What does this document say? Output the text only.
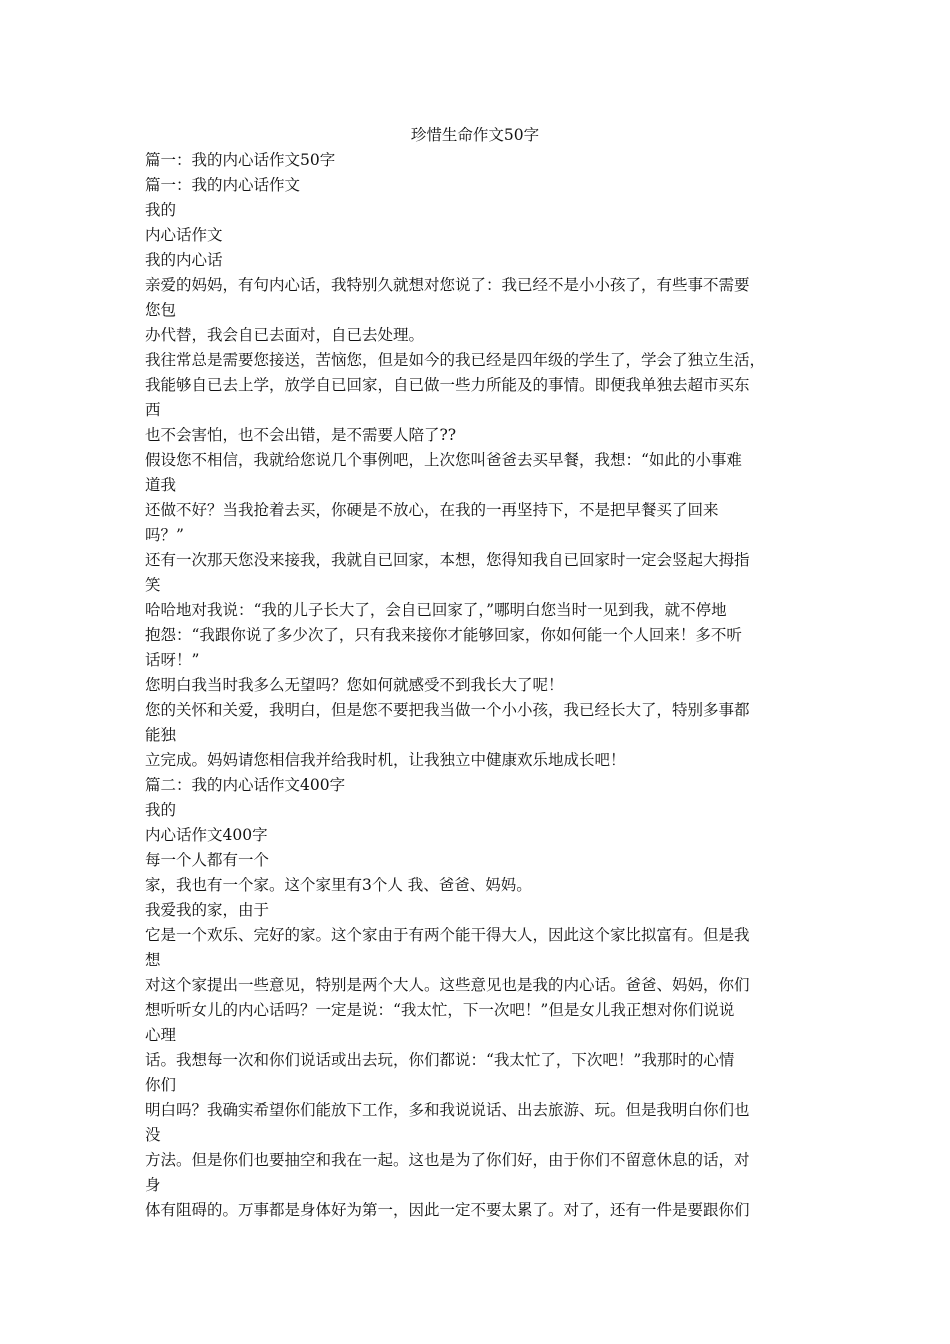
珍惜生命作文50字
篇一：我的内心话作文50字
篇一：我的内心话作文
我的
内心话作文
我的内心话
亲爱的妈妈，有句内心话，我特别久就想对您说了：我已经不是小小孩了，有些事不需要
您包
办代替，我会自已去面对，自已去处理。
我往常总是需要您接送，苦恼您，但是如今的我已经是四年级的学生了，学会了独立生活，
我能够自已去上学，放学自已回家，自已做一些力所能及的事情。即便我单独去超市买东
西
也不会害怕，也不会出错，是不需要人陪了??
假设您不相信，我就给您说几个事例吧，上次您叫爸爸去买早餐，我想：“如此的小事难
道我
还做不好？当我抢着去买，你硬是不放心，在我的一再坚持下，不是把早餐买了回来
吗？”
还有一次那天您没来接我，我就自已回家，本想，您得知我自已回家时一定会竖起大拇指
笑
哈哈地对我说：“我的儿子长大了，会自已回家了，”哪明白您当时一见到我，就不停地
抱怨：“我跟你说了多少次了，只有我来接你才能够回家，你如何能一个人回来！多不听
话呀！”
您明白我当时我多么无望吗？您如何就感受不到我长大了呢！
您的关怀和关爱，我明白，但是您不要把我当做一个小小孩，我已经长大了，特别多事都
能独
立完成。妈妈请您相信我并给我时机，让我独立中健康欢乐地成长吧！
篇二：我的内心话作文400字
我的
内心话作文400字
每一个人都有一个
家，我也有一个家。这个家里有3个人 我、爸爸、妈妈。
我爱我的家，由于
它是一个欢乐、完好的家。这个家由于有两个能干得大人，因此这个家比拟富有。但是我
想
对这个家提出一些意见，特别是两个大人。这些意见也是我的内心话。爸爸、妈妈，你们
想听听女儿的内心话吗？一定是说：“我太忙，下一次吧！”但是女儿我正想对你们说说
心理
话。我想每一次和你们说话或出去玩，你们都说：“我太忙了，下次吧！”我那时的心情
你们
明白吗？我确实希望你们能放下工作，多和我说说话、出去旅游、玩。但是我明白你们也
没
方法。但是你们也要抽空和我在一起。这也是为了你们好，由于你们不留意休息的话，对
身
体有阻碍的。万事都是身体好为第一，因此一定不要太累了。对了，还有一件是要跟你们
